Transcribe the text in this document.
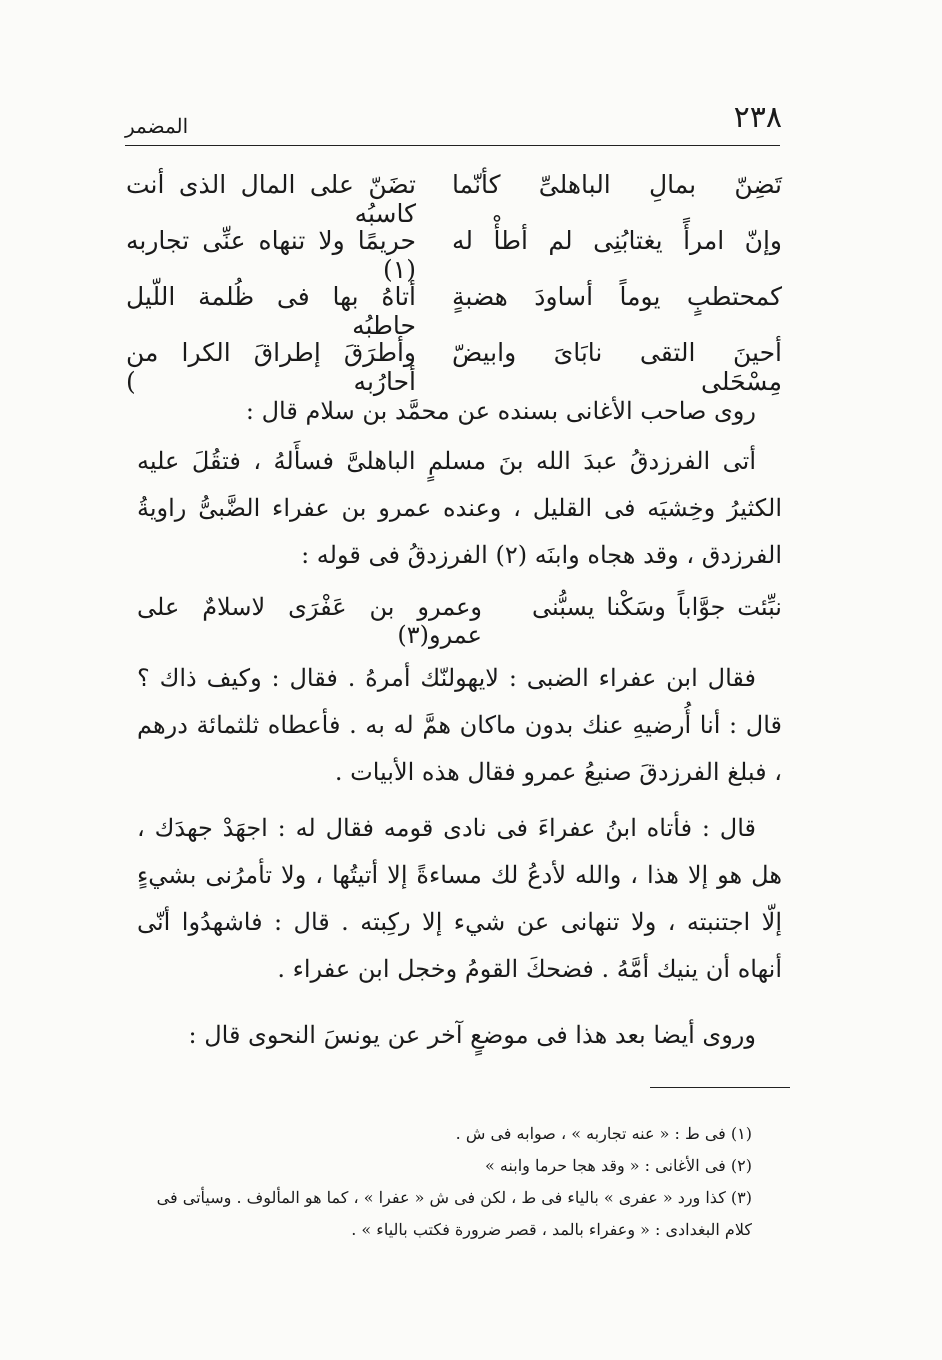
٢٣٨
المضمر
تَضِنّ بمالِ الباهلىِّ كأنّما
تضَنّ على المال الذى أنت كاسبُه
وإنّ امرأً يغتابُنِى لم أطأْ له
حريمًا ولا تنهاه عنِّى تجاربه (١)
كمحتطبٍ يوماً أساودَ هضبةٍ
أتاهُ بها فى ظُلمة اللّيل حاطبُه
أحينَ التقى نابَاىَ وابيضّ مِسْحَلى
وأطرَقَ إطراقَ الكرا من أحارُبه )

روى صاحب الأغانى بسنده عن محمَّد بن سلام قال :

أتى الفرزدقُ عبدَ الله بنَ مسلمٍ الباهلىَّ فسأَلهُ ، فتقُلَ عليه الكثيرُ وخِشيَه فى القليل ، وعنده عمرو بن عفراء الضَّبىُّ راويةُ الفرزدق ، وقد هجاه وابنَه (٢) الفرزدقُ فى قوله :

نبِّئت جوَّاباً وسَكْنا يسبُّنى
وعمرو بن عَفْرَى لاسلامٌ على عمرو(٣)

فقال ابن عفراء الضبى : لايهولنّك أمرهُ . فقال : وكيف ذاك ؟ قال : أنا أُرضيهِ عنك بدون ماكان همَّ له به . فأعطاه ثلثمائة درهم ، فبلغ الفرزدقَ صنيعُ عمرو فقال هذه الأبيات .

قال : فأتاه ابنُ عفراءَ فى نادى قومه فقال له : اجهَدْ جهدَك ، هل هو إلا هذا ، والله لأدعُ لك مساءةً إلا أتيتُها ، ولا تأمرُنى بشيءٍ إلّا اجتنبته ، ولا تنهانى عن شيء إلا ركِبته . قال : فاشهدُوا أنّى أنهاه أن ينيك أمَّهُ . فضحكَ القومُ وخجل ابن عفراء .

وروى أيضا بعد هذا فى موضعٍ آخر عن يونسَ النحوى قال :

(١) فى ط : « عنه تجاربه » ، صوابه فى ش .

(٢) فى الأغانى : « وقد هجا حرما وابنه »

(٣) كذا ورد « عفرى » بالياء فى ط ، لكن فى ش « عفرا » ، كما هو المألوف . وسيأتى فى كلام البغدادى : « وعفراء بالمد ، قصر ضرورة فكتب بالياء » .
